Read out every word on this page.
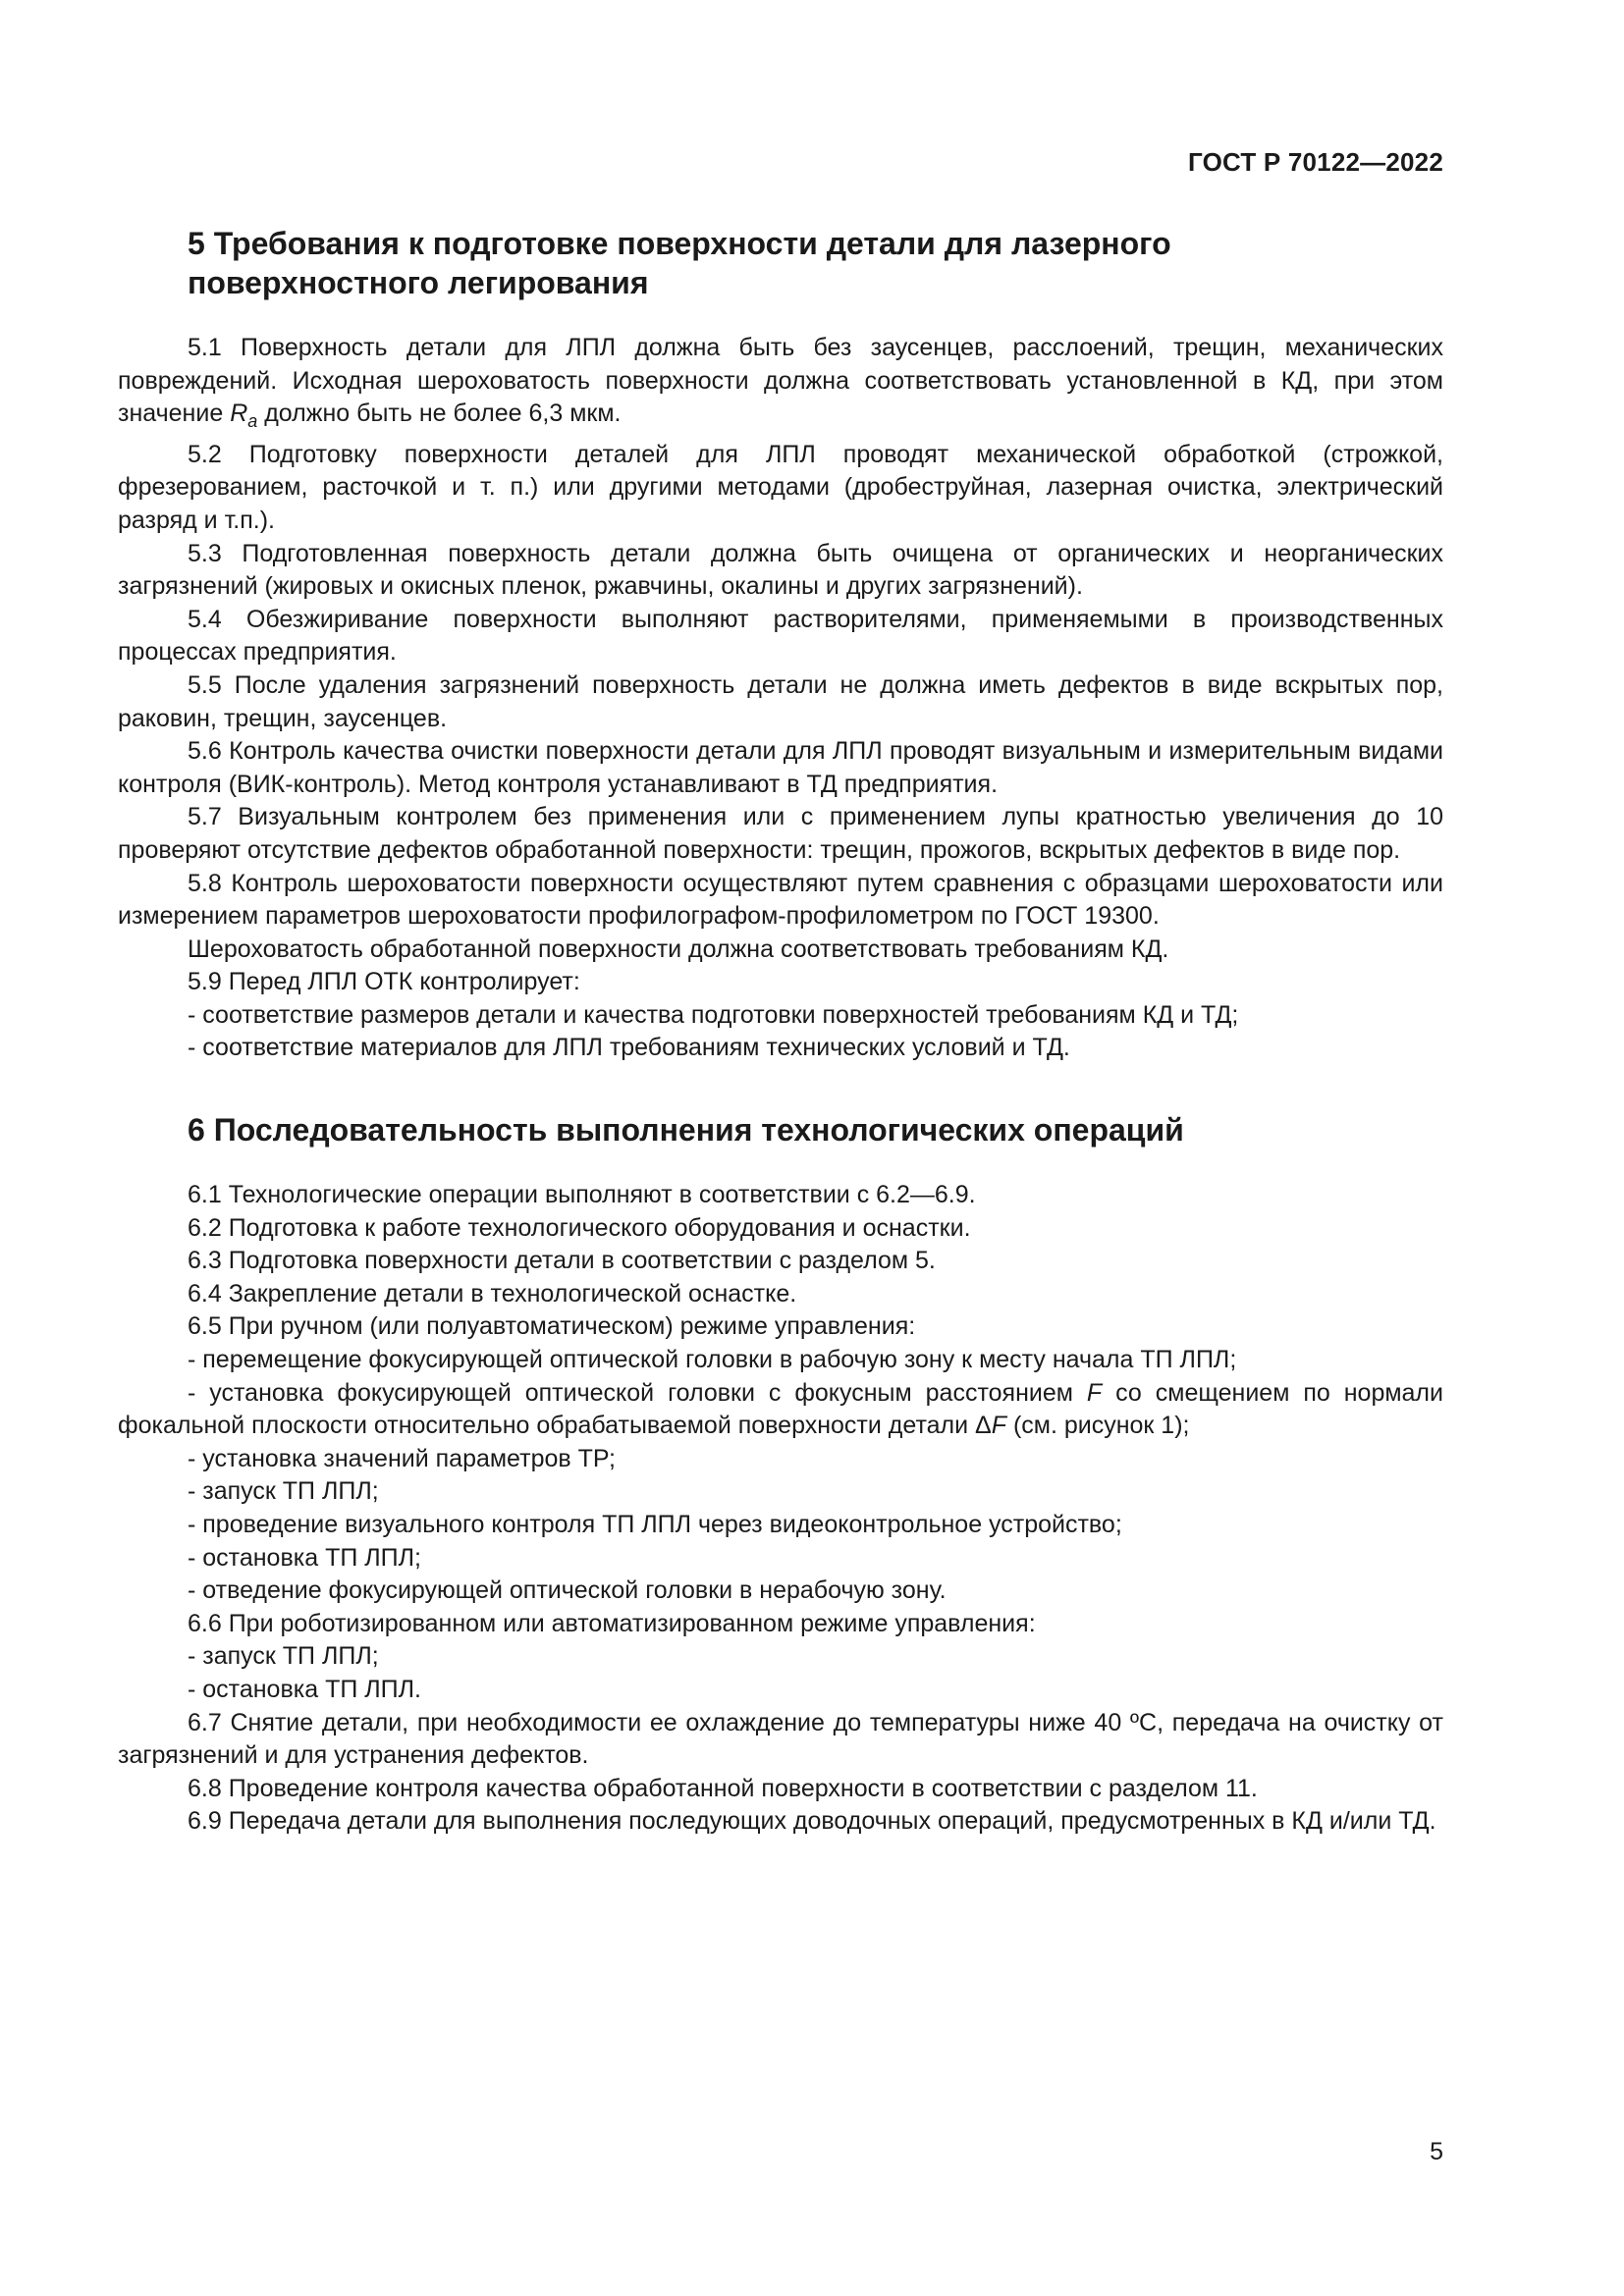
ГОСТ Р 70122—2022
5 Требования к подготовке поверхности детали для лазерного
поверхностного легирования

5.1 Поверхность детали для ЛПЛ должна быть без заусенцев, расслоений, трещин, механических повреждений. Исходная шероховатость поверхности должна соответствовать установленной в КД, при этом значение $R_a$ должно быть не более 6,3 мкм.

5.2 Подготовку поверхности деталей для ЛПЛ проводят механической обработкой (строжкой, фрезерованием, расточкой и т. п.) или другими методами (дробеструйная, лазерная очистка, электрический разряд и т.п.).

5.3 Подготовленная поверхность детали должна быть очищена от органических и неорганических загрязнений (жировых и окисных пленок, ржавчины, окалины и других загрязнений).

5.4 Обезжиривание поверхности выполняют растворителями, применяемыми в производственных процессах предприятия.

5.5 После удаления загрязнений поверхность детали не должна иметь дефектов в виде вскрытых пор, раковин, трещин, заусенцев.

5.6 Контроль качества очистки поверхности детали для ЛПЛ проводят визуальным и измерительным видами контроля (ВИК-контроль). Метод контроля устанавливают в ТД предприятия.

5.7 Визуальным контролем без применения или с применением лупы кратностью увеличения до 10 проверяют отсутствие дефектов обработанной поверхности: трещин, прожогов, вскрытых дефектов в виде пор.

5.8 Контроль шероховатости поверхности осуществляют путем сравнения с образцами шероховатости или измерением параметров шероховатости профилографом-профилометром по ГОСТ 19300.

Шероховатость обработанной поверхности должна соответствовать требованиям КД.

5.9 Перед ЛПЛ ОТК контролирует:

- соответствие размеров детали и качества подготовки поверхностей требованиям КД и ТД;

- соответствие материалов для ЛПЛ требованиям технических условий и ТД.

6 Последовательность выполнения технологических операций

6.1 Технологические операции выполняют в соответствии с 6.2—6.9.

6.2 Подготовка к работе технологического оборудования и оснастки.

6.3 Подготовка поверхности детали в соответствии с разделом 5.

6.4 Закрепление детали в технологической оснастке.

6.5 При ручном (или полуавтоматическом) режиме управления:

- перемещение фокусирующей оптической головки в рабочую зону к месту начала ТП ЛПЛ;

- установка фокусирующей оптической головки с фокусным расстоянием F со смещением по нормали фокальной плоскости относительно обрабатываемой поверхности детали ΔF (см. рисунок 1);

- установка значений параметров ТР;

- запуск ТП ЛПЛ;

- проведение визуального контроля ТП ЛПЛ через видеоконтрольное устройство;

- остановка ТП ЛПЛ;

- отведение фокусирующей оптической головки в нерабочую зону.

6.6 При роботизированном или автоматизированном режиме управления:

- запуск ТП ЛПЛ;

- остановка ТП ЛПЛ.

6.7 Снятие детали, при необходимости ее охлаждение до температуры ниже 40 ºС, передача на очистку от загрязнений и для устранения дефектов.

6.8 Проведение контроля качества обработанной поверхности в соответствии с разделом 11.

6.9 Передача детали для выполнения последующих доводочных операций, предусмотренных в КД и/или ТД.

5
